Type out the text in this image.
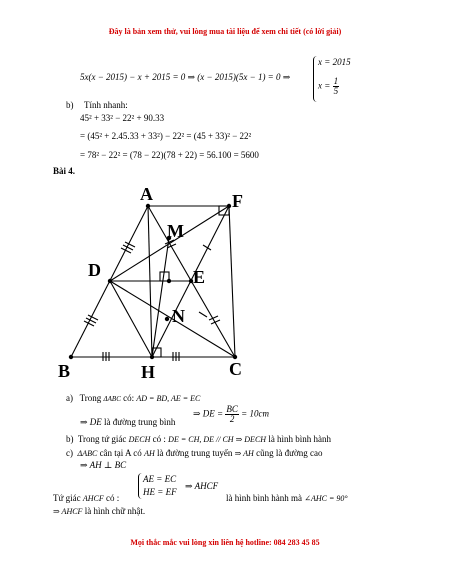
Đây là bản xem thử, vui lòng mua tài liệu để xem chi tiết (có lời giải)
5x(x − 2015) − x + 2015 = 0 ⇒ (x − 2015)(5x − 1) = 0 ⇒
x = 2015
$x = \frac{1}{5}$
b) Tính nhanh:
45² + 33² − 22² + 90.33
= (45² + 2.45.33 + 33²) − 22² = (45 + 33)² − 22²
= 78² − 22² = (78 − 22)(78 + 22) = 56.100 = 5600
Bài 4.
A	F
M
D	E
N
B	H	C
a) Trong ΔABC có: AD = BD, AE = EC
⇒ DE là đường trung bình
⇒ DE = $\frac{BC}{2} = 10cm$
b) Trong tứ giác DECH có : DE = CH, DE // CH ⇒ DECH là hình bình hành
c) ΔABC cân tại A có AH là đường trung tuyến ⇒ AH cũng là đường cao
⇒ AH ⊥ BC
AE = EC
HE = EF
⇒ AHCF
Tứ giác AHCF có :	là hình bình hành mà ∠AHC = 90°
⇒ AHCF là hình chữ nhật.
Mọi thắc mắc vui lòng xin liên hệ hotline: 084 283 45 85
